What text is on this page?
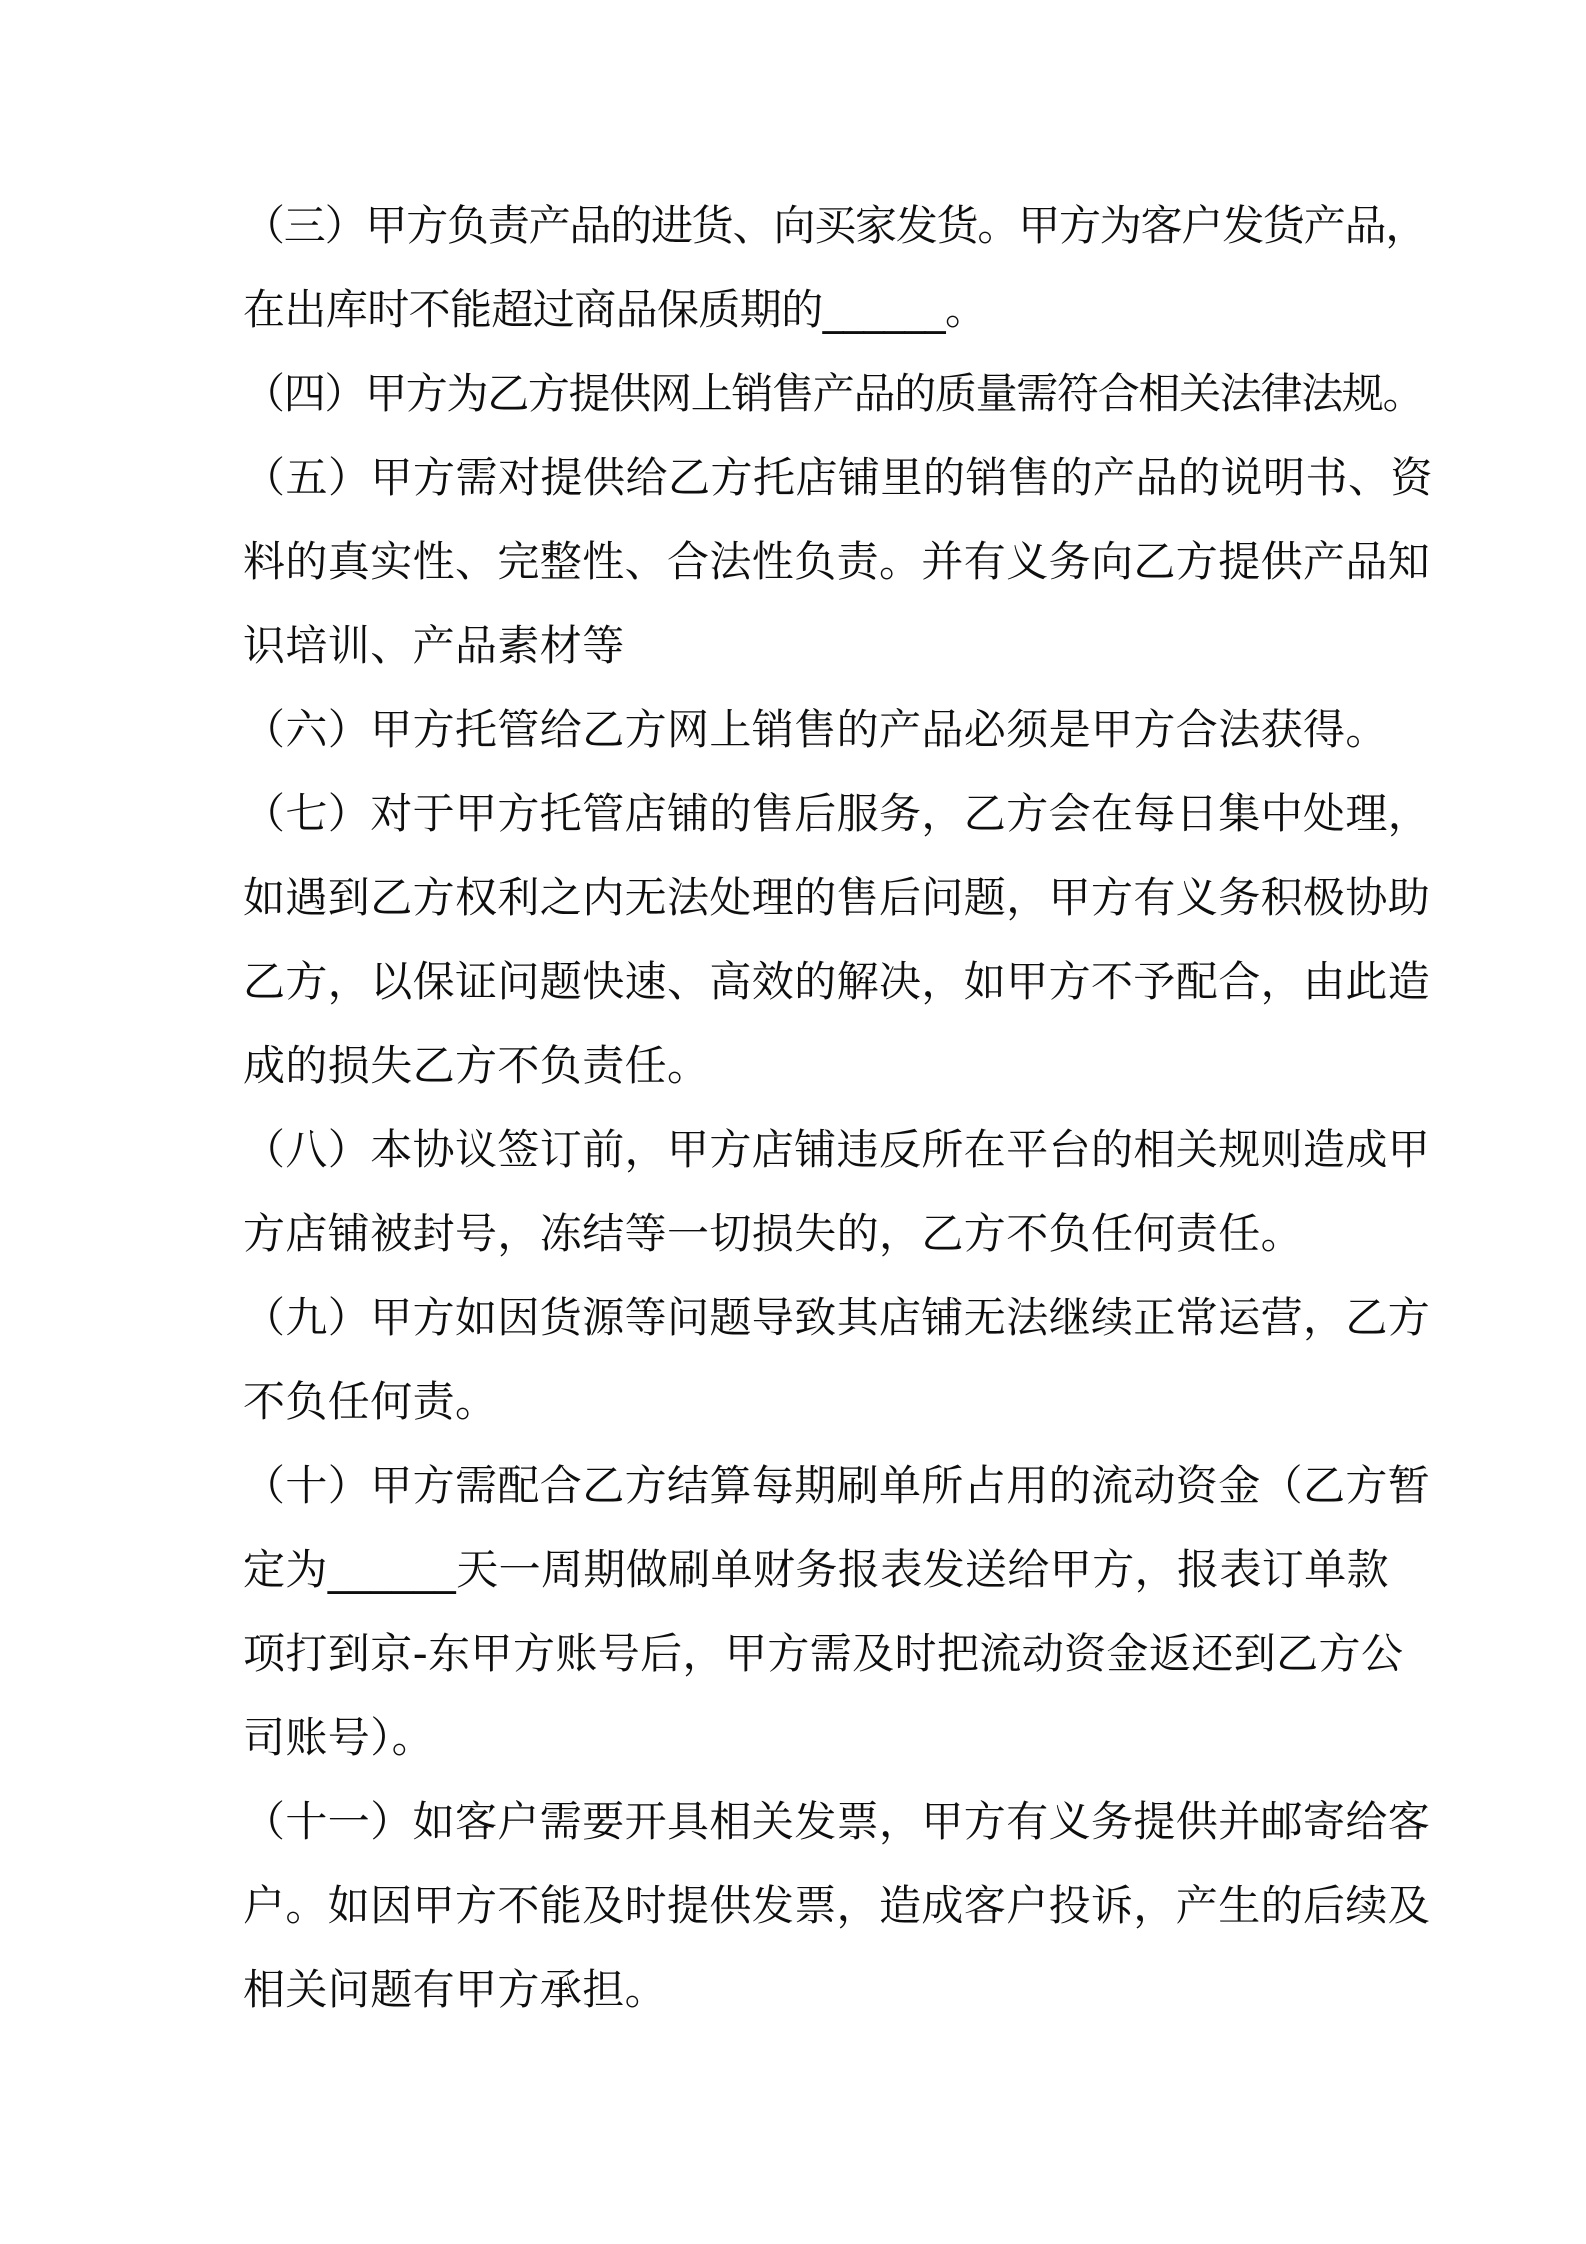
（三）甲方负责产品的进货、向买家发货。甲方为客户发货产品，
在出库时不能超过商品保质期的______。
（四）甲方为乙方提供网上销售产品的质量需符合相关法律法规。
（五）甲方需对提供给乙方托店铺里的销售的产品的说明书、资
料的真实性、完整性、合法性负责。并有义务向乙方提供产品知
识培训、产品素材等
（六）甲方托管给乙方网上销售的产品必须是甲方合法获得。
（七）对于甲方托管店铺的售后服务，乙方会在每日集中处理，
如遇到乙方权利之内无法处理的售后问题，甲方有义务积极协助
乙方，以保证问题快速、高效的解决，如甲方不予配合，由此造
成的损失乙方不负责任。
（八）本协议签订前，甲方店铺违反所在平台的相关规则造成甲
方店铺被封号，冻结等一切损失的，乙方不负任何责任。
（九）甲方如因货源等问题导致其店铺无法继续正常运营，乙方
不负任何责。
（十）甲方需配合乙方结算每期刷单所占用的流动资金（乙方暂
定为______天一周期做刷单财务报表发送给甲方，报表订单款
项打到京-东甲方账号后，甲方需及时把流动资金返还到乙方公
司账号）。
（十一）如客户需要开具相关发票，甲方有义务提供并邮寄给客
户。如因甲方不能及时提供发票，造成客户投诉，产生的后续及
相关问题有甲方承担。
